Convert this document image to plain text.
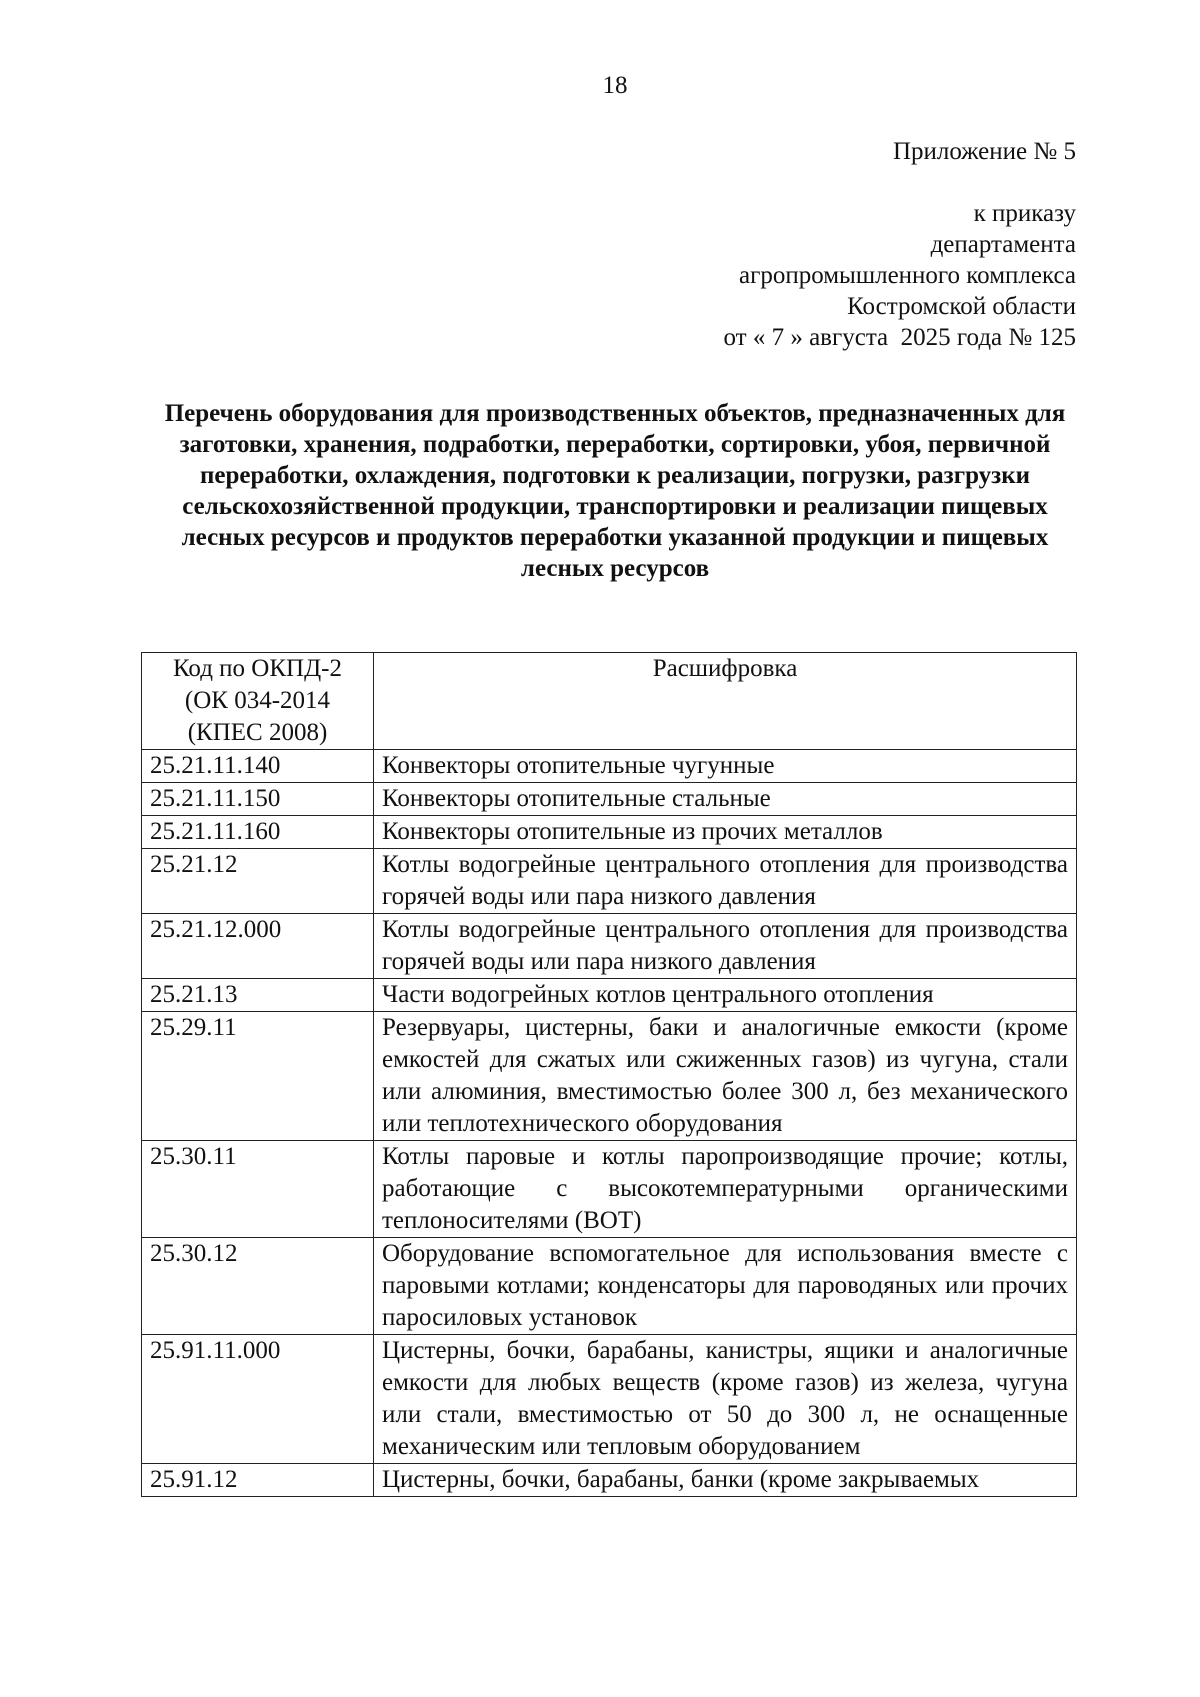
18
Приложение № 5
к приказу
департамента
агропромышленного комплекса
Костромской области
от « 7 » августа  2025 года № 125
Перечень оборудования для производственных объектов, предназначенных для заготовки, хранения, подработки, переработки, сортировки, убоя, первичной переработки, охлаждения, подготовки к реализации, погрузки, разгрузки сельскохозяйственной продукции, транспортировки и реализации пищевых лесных ресурсов и продуктов переработки указанной продукции и пищевых лесных ресурсов
Код по ОКПД-2 (ОК 034-2014 (КПЕС 2008)	Расшифровка
25.21.11.140	Конвекторы отопительные чугунные
25.21.11.150	Конвекторы отопительные стальные
25.21.11.160	Конвекторы отопительные из прочих металлов
25.21.12	Котлы водогрейные центрального отопления для производства горячей воды или пара низкого давления
25.21.12.000	Котлы водогрейные центрального отопления для производства горячей воды или пара низкого давления
25.21.13	Части водогрейных котлов центрального отопления
25.29.11	Резервуары, цистерны, баки и аналогичные емкости (кроме емкостей для сжатых или сжиженных газов) из чугуна, стали или алюминия, вместимостью более 300 л, без механического или теплотехнического оборудования
25.30.11	Котлы паровые и котлы паропроизводящие прочие; котлы, работающие с высокотемпературными органическими теплоносителями (ВОТ)
25.30.12	Оборудование вспомогательное для использования вместе с паровыми котлами; конденсаторы для пароводяных или прочих паросиловых установок
25.91.11.000	Цистерны, бочки, барабаны, канистры, ящики и аналогичные емкости для любых веществ (кроме газов) из железа, чугуна или стали, вместимостью от 50 до 300 л, не оснащенные механическим или тепловым оборудованием
25.91.12	Цистерны, бочки, барабаны, банки (кроме закрываемых
